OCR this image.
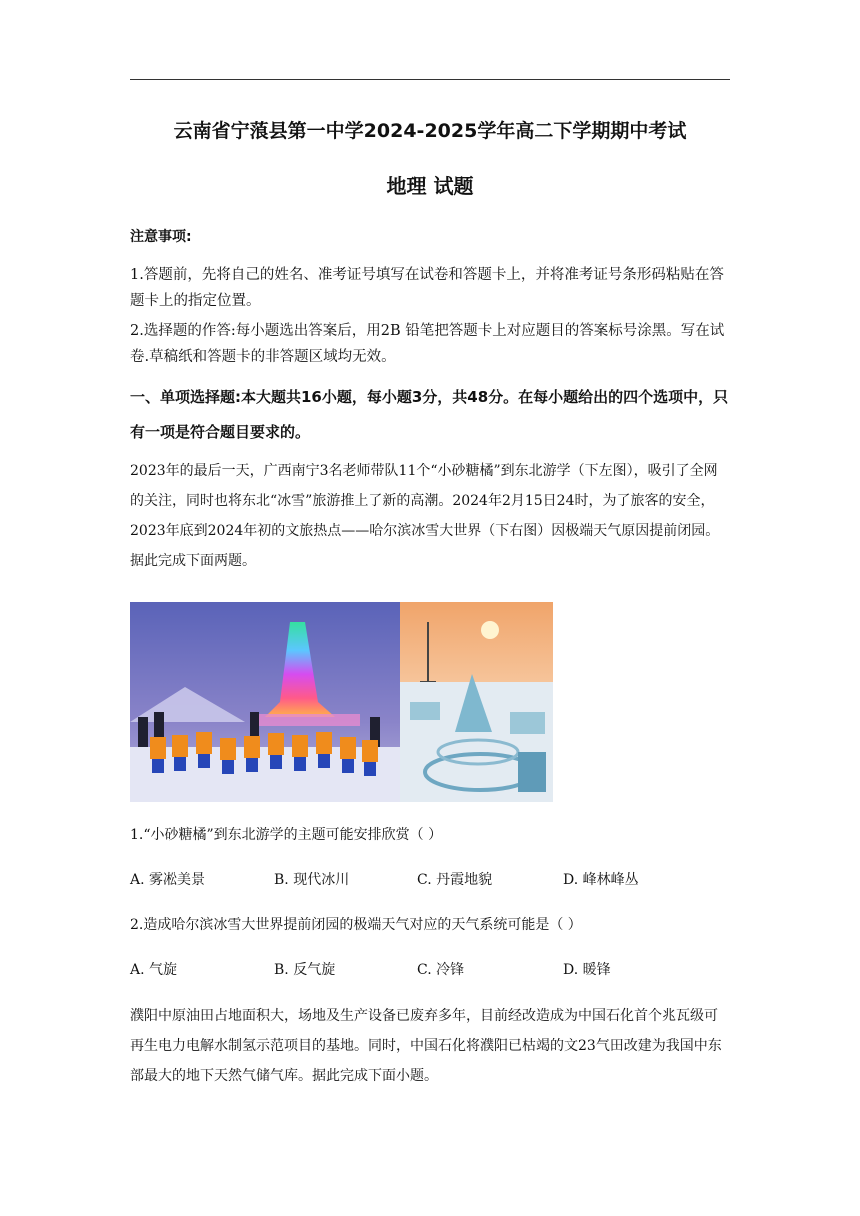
云南省宁蒗县第一中学2024-2025学年高二下学期期中考试
地理 试题
注意事项:
1.答题前，先将自己的姓名、准考证号填写在试卷和答题卡上，并将准考证号条形码粘贴在答题卡上的指定位置。
2.选择题的作答:每小题选出答案后，用2B 铅笔把答题卡上对应题目的答案标号涂黑。写在试卷.草稿纸和答题卡的非答题区域均无效。
一、单项选择题:本大题共16小题，每小题3分，共48分。在每小题给出的四个选项中，只有一项是符合题目要求的。
2023年的最后一天，广西南宁3名老师带队11个“小砂糖橘”到东北游学（下左图），吸引了全网的关注，同时也将东北“冰雪”旅游推上了新的高潮。2024年2月15日24时，为了旅客的安全，2023年底到2024年初的文旅热点——哈尔滨冰雪大世界（下右图）因极端天气原因提前闭园。据此完成下面两题。
1.“小砂糖橘”到东北游学的主题可能安排欣赏（ ）
A. 雾凇美景	B. 现代冰川	C. 丹霞地貌	D. 峰林峰丛
2.造成哈尔滨冰雪大世界提前闭园的极端天气对应的天气系统可能是（ ）
A. 气旋	B. 反气旋	C. 冷锋	D. 暖锋
濮阳中原油田占地面积大，场地及生产设备已废弃多年，目前经改造成为中国石化首个兆瓦级可再生电力电解水制氢示范项目的基地。同时，中国石化将濮阳已枯竭的文23气田改建为我国中东部最大的地下天然气储气库。据此完成下面小题。
